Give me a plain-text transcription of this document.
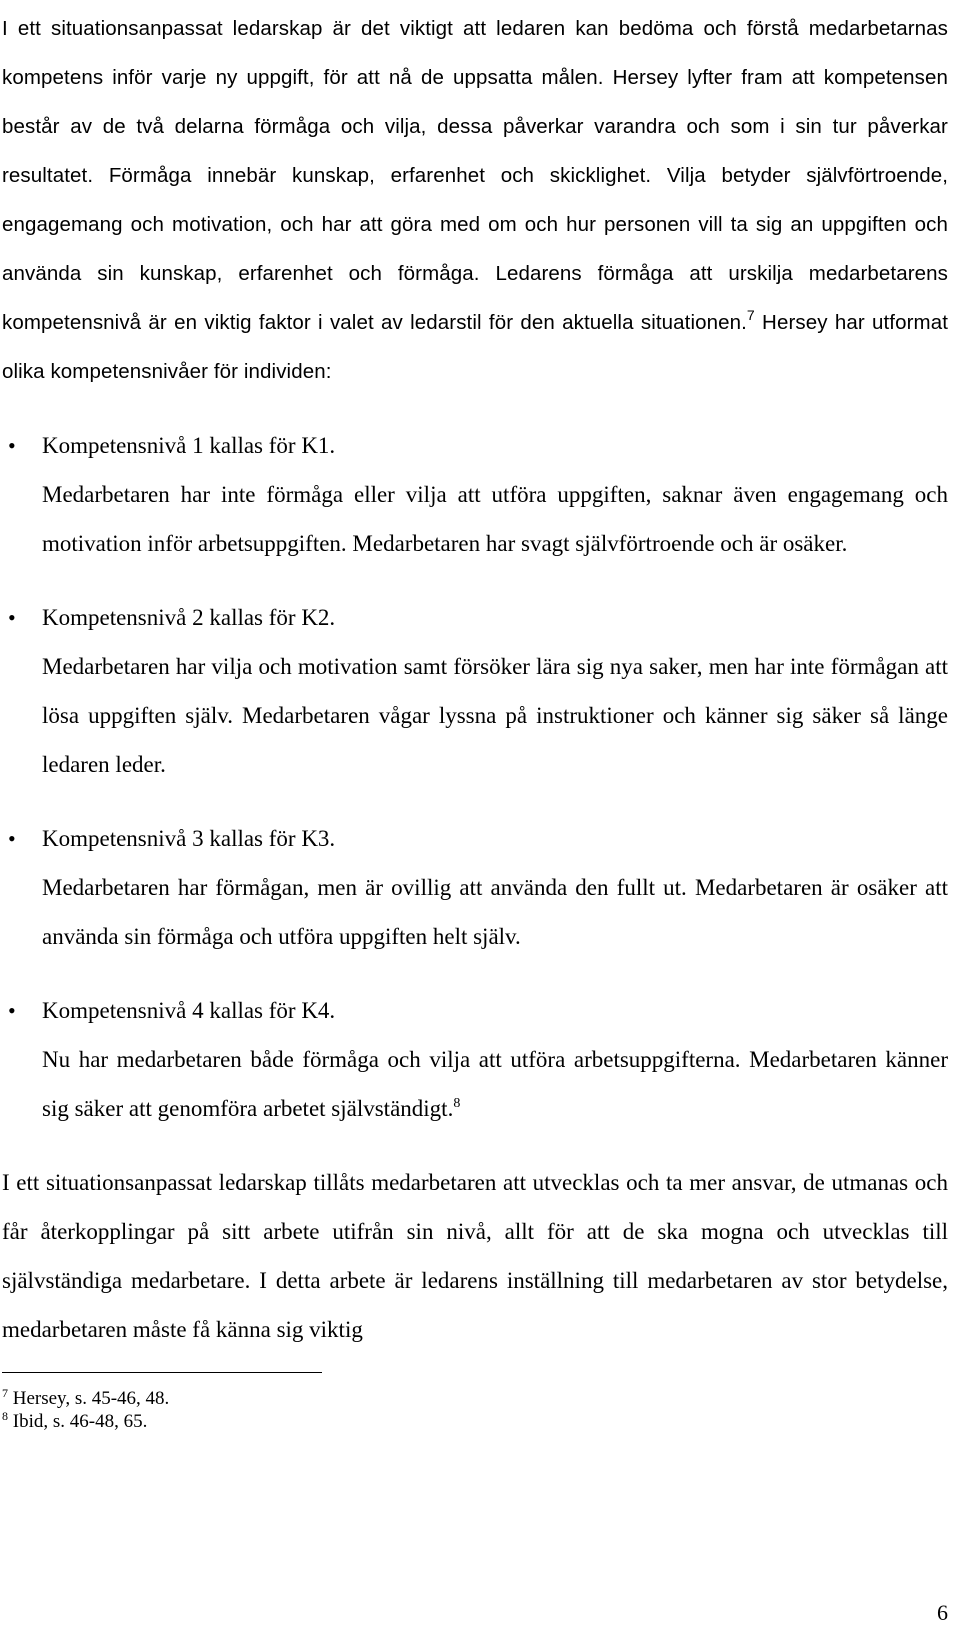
I ett situationsanpassat ledarskap är det viktigt att ledaren kan bedöma och förstå medarbetarnas kompetens inför varje ny uppgift, för att nå de uppsatta målen. Hersey lyfter fram att kompetensen består av de två delarna förmåga och vilja, dessa påverkar varandra och som i sin tur påverkar resultatet. Förmåga innebär kunskap, erfarenhet och skicklighet. Vilja betyder självförtroende, engagemang och motivation, och har att göra med om och hur personen vill ta sig an uppgiften och använda sin kunskap, erfarenhet och förmåga. Ledarens förmåga att urskilja medarbetarens kompetensnivå är en viktig faktor i valet av ledarstil för den aktuella situationen.$^7$ Hersey har utformat olika kompetensnivåer för individen:

• Kompetensnivå 1 kallas för K1.
Medarbetaren har inte förmåga eller vilja att utföra uppgiften, saknar även engagemang och motivation inför arbetsuppgiften. Medarbetaren har svagt självförtroende och är osäker.
• Kompetensnivå 2 kallas för K2.
Medarbetaren har vilja och motivation samt försöker lära sig nya saker, men har inte förmågan att lösa uppgiften själv. Medarbetaren vågar lyssna på instruktioner och känner sig säker så länge ledaren leder.
• Kompetensnivå 3 kallas för K3.
Medarbetaren har förmågan, men är ovillig att använda den fullt ut. Medarbetaren är osäker att använda sin förmåga och utföra uppgiften helt själv.
• Kompetensnivå 4 kallas för K4.
Nu har medarbetaren både förmåga och vilja att utföra arbetsuppgifterna. Medarbetaren känner sig säker att genomföra arbetet självständigt.$^8$

I ett situationsanpassat ledarskap tillåts medarbetaren att utvecklas och ta mer ansvar, de utmanas och får återkopplingar på sitt arbete utifrån sin nivå, allt för att de ska mogna och utvecklas till självständiga medarbetare. I detta arbete är ledarens inställning till medarbetaren av stor betydelse, medarbetaren måste få känna sig viktig

$^7$ Hersey, s. 45-46, 48.

$^8$ Ibid, s. 46-48, 65.

6
